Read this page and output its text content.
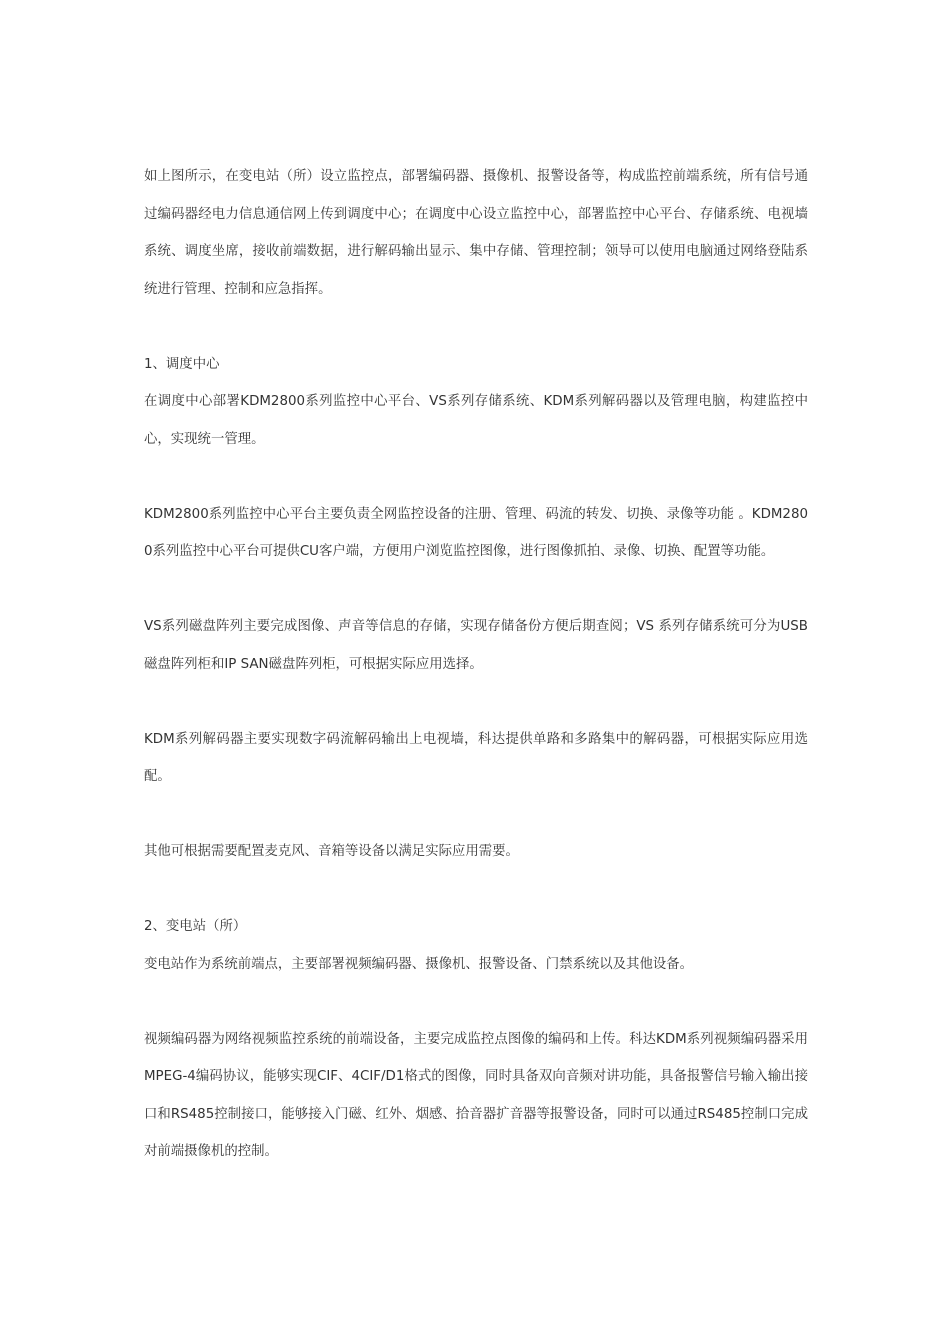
如上图所示，在变电站（所）设立监控点，部署编码器、摄像机、报警设备等，构成监控前端系统，所有信号通过编码器经电力信息通信网上传到调度中心；在调度中心设立监控中心，部署监控中心平台、存储系统、电视墙系统、调度坐席，接收前端数据，进行解码输出显示、集中存储、管理控制；领导可以使用电脑通过网络登陆系统进行管理、控制和应急指挥。

1、调度中心

在调度中心部署KDM2800系列监控中心平台、VS系列存储系统、KDM系列解码器以及管理电脑，构建监控中心，实现统一管理。

KDM2800系列监控中心平台主要负责全网监控设备的注册、管理、码流的转发、切换、录像等功能 。KDM2800系列监控中心平台可提供CU客户端，方便用户浏览监控图像，进行图像抓拍、录像、切换、配置等功能。

VS系列磁盘阵列主要完成图像、声音等信息的存储，实现存储备份方便后期查阅；VS 系列存储系统可分为USB磁盘阵列柜和IP SAN磁盘阵列柜，可根据实际应用选择。

KDM系列解码器主要实现数字码流解码输出上电视墙，科达提供单路和多路集中的解码器，可根据实际应用选配。

其他可根据需要配置麦克风、音箱等设备以满足实际应用需要。

2、变电站（所）

变电站作为系统前端点，主要部署视频编码器、摄像机、报警设备、门禁系统以及其他设备。

视频编码器为网络视频监控系统的前端设备，主要完成监控点图像的编码和上传。科达KDM系列视频编码器采用MPEG-4编码协议，能够实现CIF、4CIF/D1格式的图像，同时具备双向音频对讲功能，具备报警信号输入输出接口和RS485控制接口，能够接入门磁、红外、烟感、拾音器扩音器等报警设备，同时可以通过RS485控制口完成对前端摄像机的控制。
